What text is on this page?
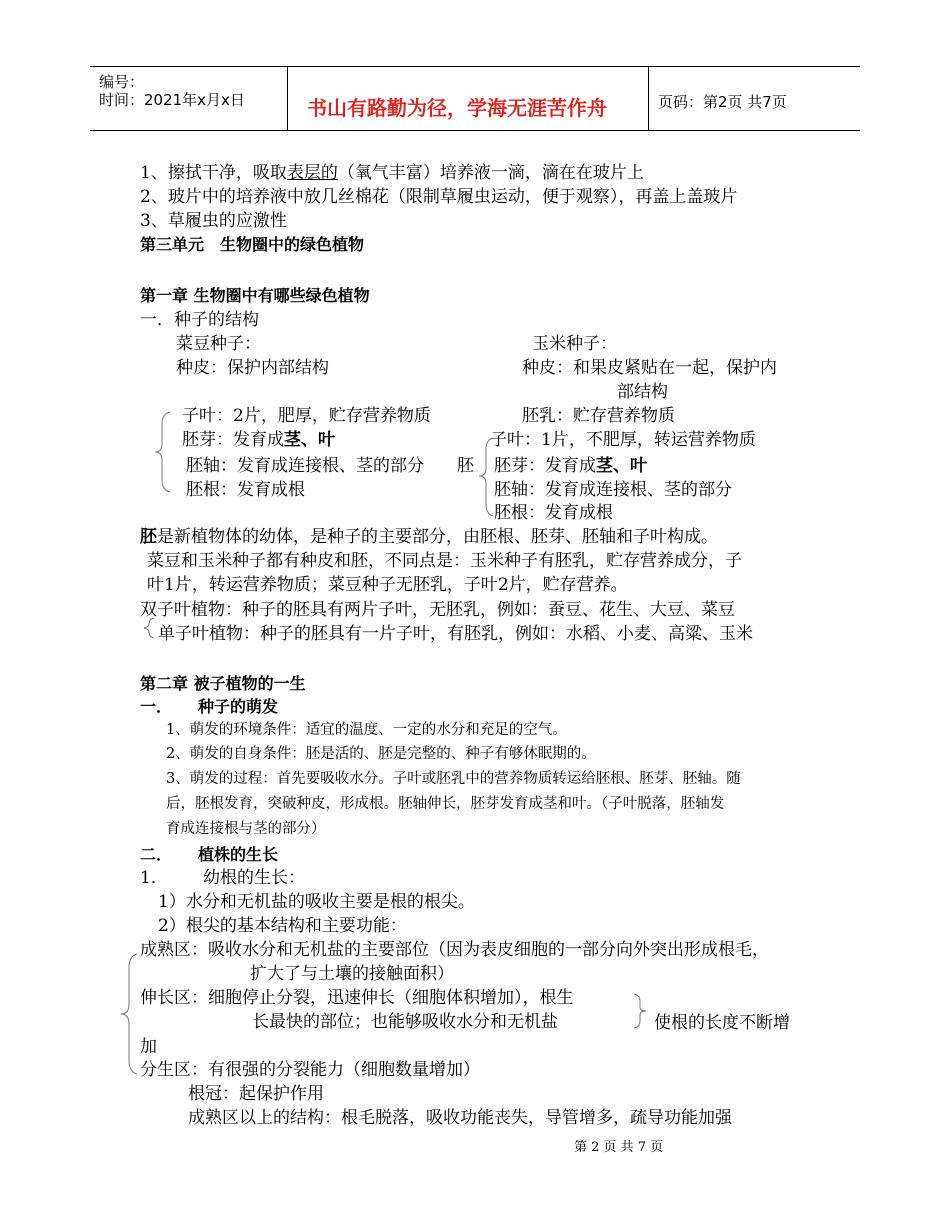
编号：
时间：2021年x月x日	书山有路勤为径，学海无涯苦作舟	页码：第2页 共7页
1、擦拭干净，吸取表层的（氧气丰富）培养液一滴，滴在在玻片上
2、玻片中的培养液中放几丝棉花（限制草履虫运动，便于观察），再盖上盖玻片
3、草履虫的应激性
第三单元　生物圈中的绿色植物
第一章 生物圈中有哪些绿色植物
一．种子的结构
菜豆种子：
种皮：保护内部结构
子叶：2片，肥厚，贮存营养物质
胚芽：发育成茎、叶
胚轴：发育成连接根、茎的部分 胚
胚根：发育成根
玉米种子：
种皮：和果皮紧贴在一起，保护内
部结构
胚乳：贮存营养物质
子叶：1片，不肥厚，转运营养物质
胚芽：发育成茎、叶
胚轴：发育成连接根、茎的部分
胚根：发育成根
胚是新植物体的幼体，是种子的主要部分，由胚根、胚芽、胚轴和子叶构成。
菜豆和玉米种子都有种皮和胚，不同点是：玉米种子有胚乳，贮存营养成分，子
叶1片，转运营养物质；菜豆种子无胚乳，子叶2片，贮存营养。
双子叶植物：种子的胚具有两片子叶，无胚乳，例如：蚕豆、花生、大豆、菜豆
单子叶植物：种子的胚具有一片子叶，有胚乳，例如：水稻、小麦、高粱、玉米
第二章 被子植物的一生
一． 种子的萌发
1、萌发的环境条件：适宜的温度、一定的水分和充足的空气。
2、萌发的自身条件：胚是活的、胚是完整的、种子有够休眠期的。
3、萌发的过程：首先要吸收水分。子叶或胚乳中的营养物质转运给胚根、胚芽、胚轴。随
后，胚根发育，突破种皮，形成根。胚轴伸长，胚芽发育成茎和叶。（子叶脱落，胚轴发
育成连接根与茎的部分）
二． 植株的生长
1． 幼根的生长：
1）水分和无机盐的吸收主要是根的根尖。
2）根尖的基本结构和主要功能：
成熟区：吸收水分和无机盐的主要部位（因为表皮细胞的一部分向外突出形成根毛，
扩大了与土壤的接触面积）
伸长区：细胞停止分裂，迅速伸长（细胞体积增加），根生
长最快的部位；也能够吸收水分和无机盐	使根的长度不断增
加
分生区：有很强的分裂能力（细胞数量增加）
根冠：起保护作用
成熟区以上的结构：根毛脱落，吸收功能丧失，导管增多，疏导功能加强
第 2 页 共 7 页
